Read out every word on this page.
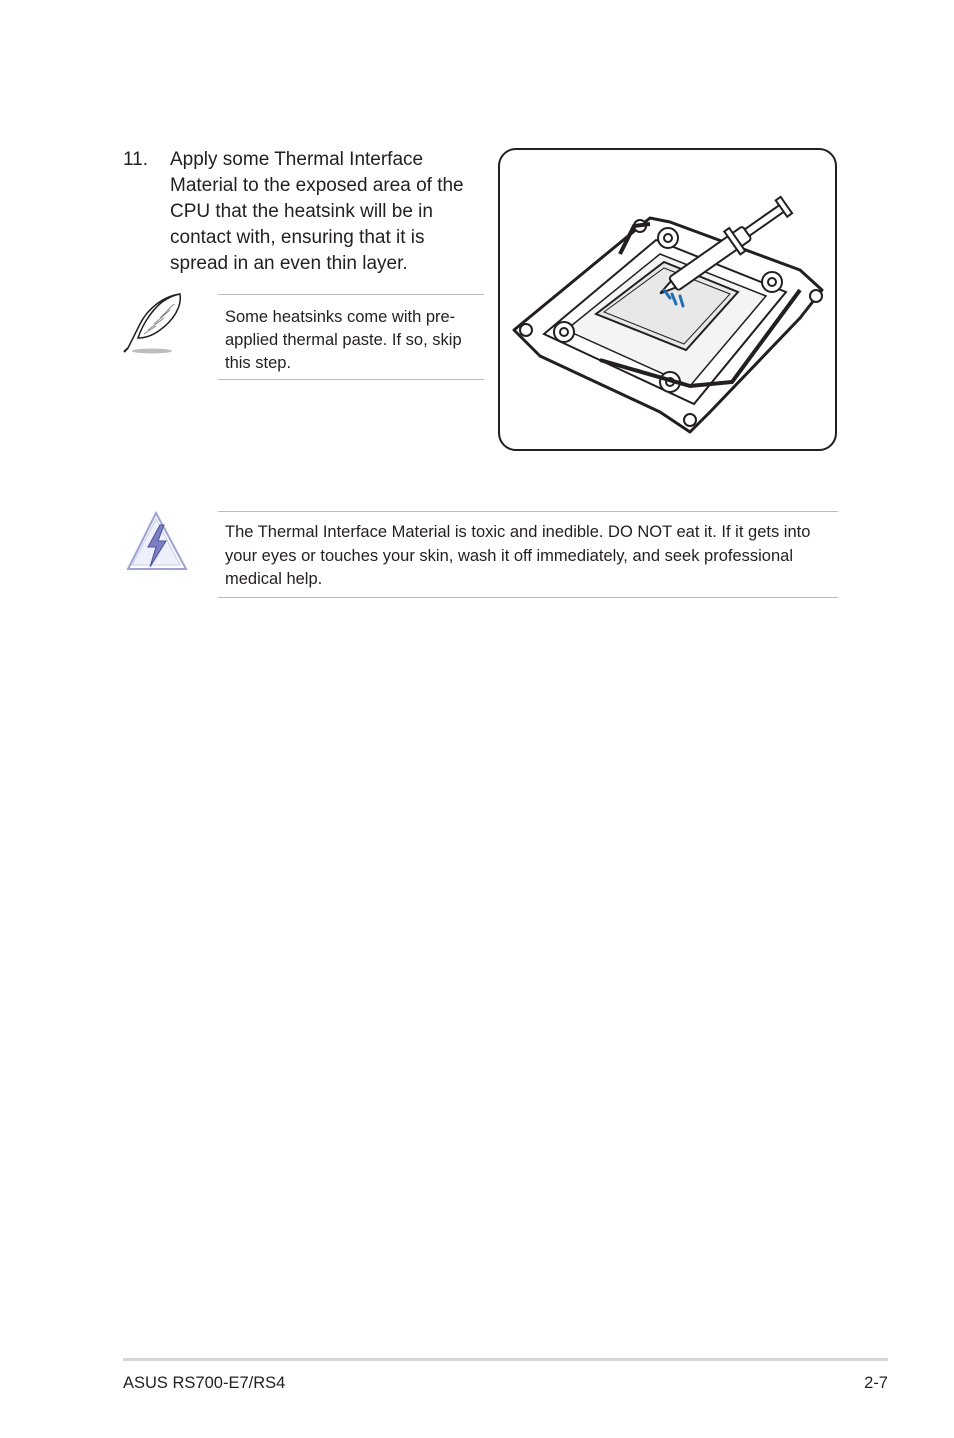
11. Apply some Thermal Interface Material to the exposed area of the CPU that the heatsink will be in contact with, ensuring that it is spread in an even thin layer.
Some heatsinks come with pre-applied thermal paste. If so, skip this step.
The Thermal Interface Material is toxic and inedible. DO NOT eat it. If it gets into your eyes or touches your skin, wash it off immediately, and seek professional medical help.
ASUS RS700-E7/RS4	2-7
